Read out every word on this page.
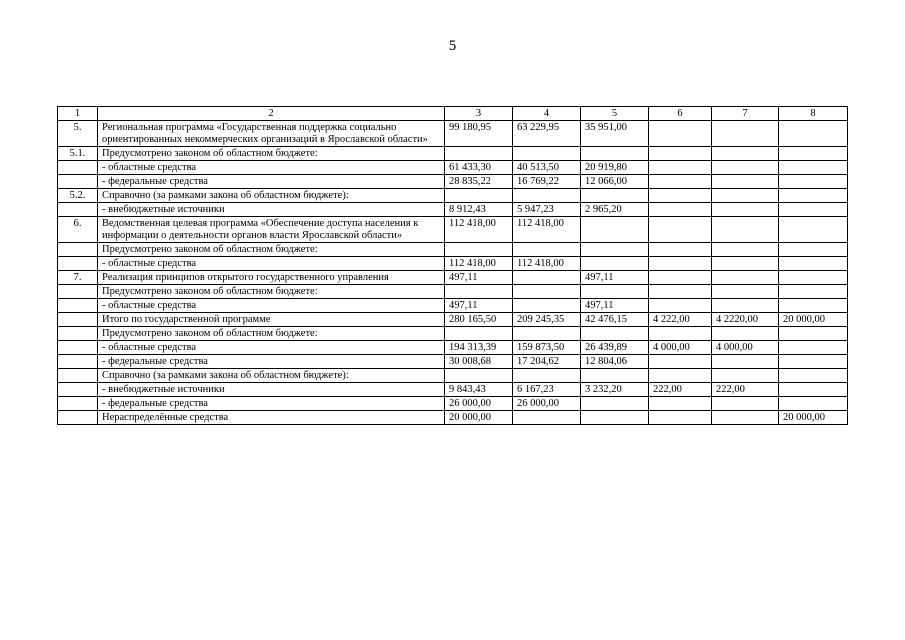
5
1	2	3	4	5	6	7	8
5.	Региональная программа «Государственная поддержка социально ориентированных некоммерческих организаций в Ярославской области»	99 180,95	63 229,95	35 951,00			
5.1.	Предусмотрено законом об областном бюджете:						
	- областные средства	61 433,30	40 513,50	20 919,80			
	- федеральные средства	28 835,22	16 769,22	12 066,00			
5.2.	Справочно (за рамками закона об областном бюджете):						
	- внебюджетные источники	8 912,43	5 947,23	2 965,20			
6.	Ведомственная целевая программа «Обеспечение доступа населения к информации о деятельности органов власти Ярославской области»	112 418,00	112 418,00				
	Предусмотрено законом об областном бюджете:						
	- областные средства	112 418,00	112 418,00				
7.	Реализация принципов открытого государственного управления	497,11		497,11			
	Предусмотрено законом об областном бюджете:						
	- областные средства	497,11		497,11			
	Итого по государственной программе	280 165,50	209 245,35	42 476,15	4 222,00	4 2220,00	20 000,00
	Предусмотрено законом об областном бюджете:						
	- областные средства	194 313,39	159 873,50	26 439,89	4 000,00	4 000,00	
	- федеральные средства	30 008,68	17 204,62	12 804,06			
	Справочно (за рамками закона об областном бюджете):						
	- внебюджетные источники	9 843,43	6 167,23	3 232,20	222,00	222,00	
	- федеральные средства	26 000,00	26 000,00				
	Нераспределённые средства	20 000,00					20 000,00
